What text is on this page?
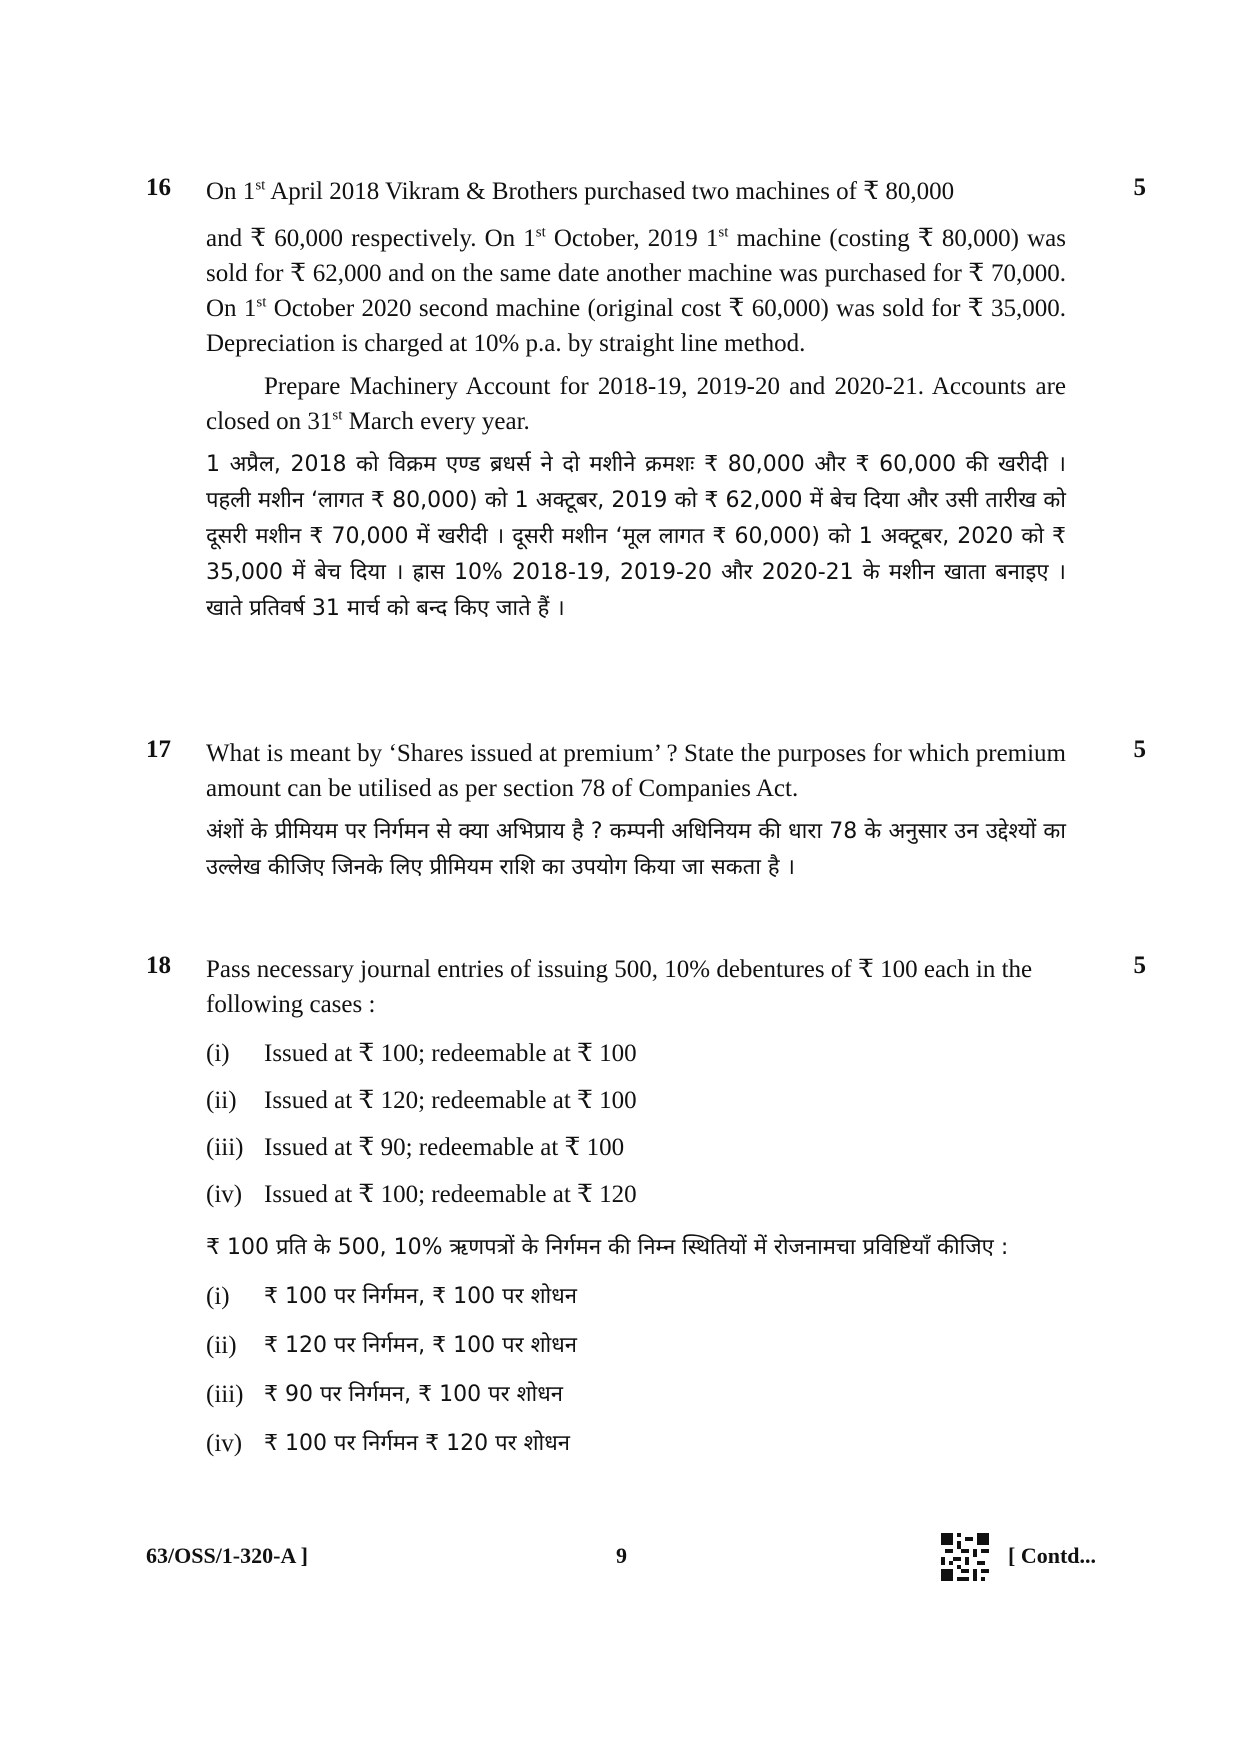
16	5

On 1st April 2018 Vikram & Brothers purchased two machines of ₹ 80,000

and ₹ 60,000 respectively. On 1st October, 2019 1st machine (costing ₹ 80,000) was sold for ₹ 62,000 and on the same date another machine was purchased for ₹ 70,000. On 1st October 2020 second machine (original cost ₹ 60,000) was sold for ₹ 35,000. Depreciation is charged at 10% p.a. by straight line method.

Prepare Machinery Account for 2018-19, 2019-20 and 2020-21. Accounts are closed on 31st March every year.

1 अप्रैल, 2018 को विक्रम एण्ड ब्रधर्स ने दो मशीने क्रमशः ₹ 80,000 और ₹ 60,000 की खरीदी । पहली मशीन ‘लागत ₹ 80,000) को 1 अक्टूबर, 2019 को ₹ 62,000 में बेच दिया और उसी तारीख को दूसरी मशीन ₹ 70,000 में खरीदी । दूसरी मशीन ‘मूल लागत ₹ 60,000) को 1 अक्टूबर, 2020 को ₹ 35,000 में बेच दिया । ह्रास 10% 2018-19, 2019-20 और 2020-21 के मशीन खाता बनाइए । खाते प्रतिवर्ष 31 मार्च को बन्द किए जाते हैं ।

17	5

What is meant by ‘Shares issued at premium’ ? State the purposes for which premium amount can be utilised as per section 78 of Companies Act.

अंशों के प्रीमियम पर निर्गमन से क्या अभिप्राय है ? कम्पनी अधिनियम की धारा 78 के अनुसार उन उद्देश्यों का उल्लेख कीजिए जिनके लिए प्रीमियम राशि का उपयोग किया जा सकता है ।

18	5

Pass necessary journal entries of issuing 500, 10% debentures of ₹ 100 each in the following cases :

(i)	Issued at ₹ 100; redeemable at ₹ 100
(ii)	Issued at ₹ 120; redeemable at ₹ 100
(iii) Issued at ₹ 90; redeemable at ₹ 100
(iv) Issued at ₹ 100; redeemable at ₹ 120

₹ 100 प्रति के 500, 10% ऋणपत्रों के निर्गमन की निम्न स्थितियों में रोजनामचा प्रविष्टियाँ कीजिए :

(i)	₹ 100 पर निर्गमन, ₹ 100 पर शोधन
(ii)	₹ 120 पर निर्गमन, ₹ 100 पर शोधन
(iii) ₹ 90 पर निर्गमन, ₹ 100 पर शोधन
(iv) ₹ 100 पर निर्गमन ₹ 120 पर शोधन
63/OSS/1-320-A ]	9	[ Contd...
